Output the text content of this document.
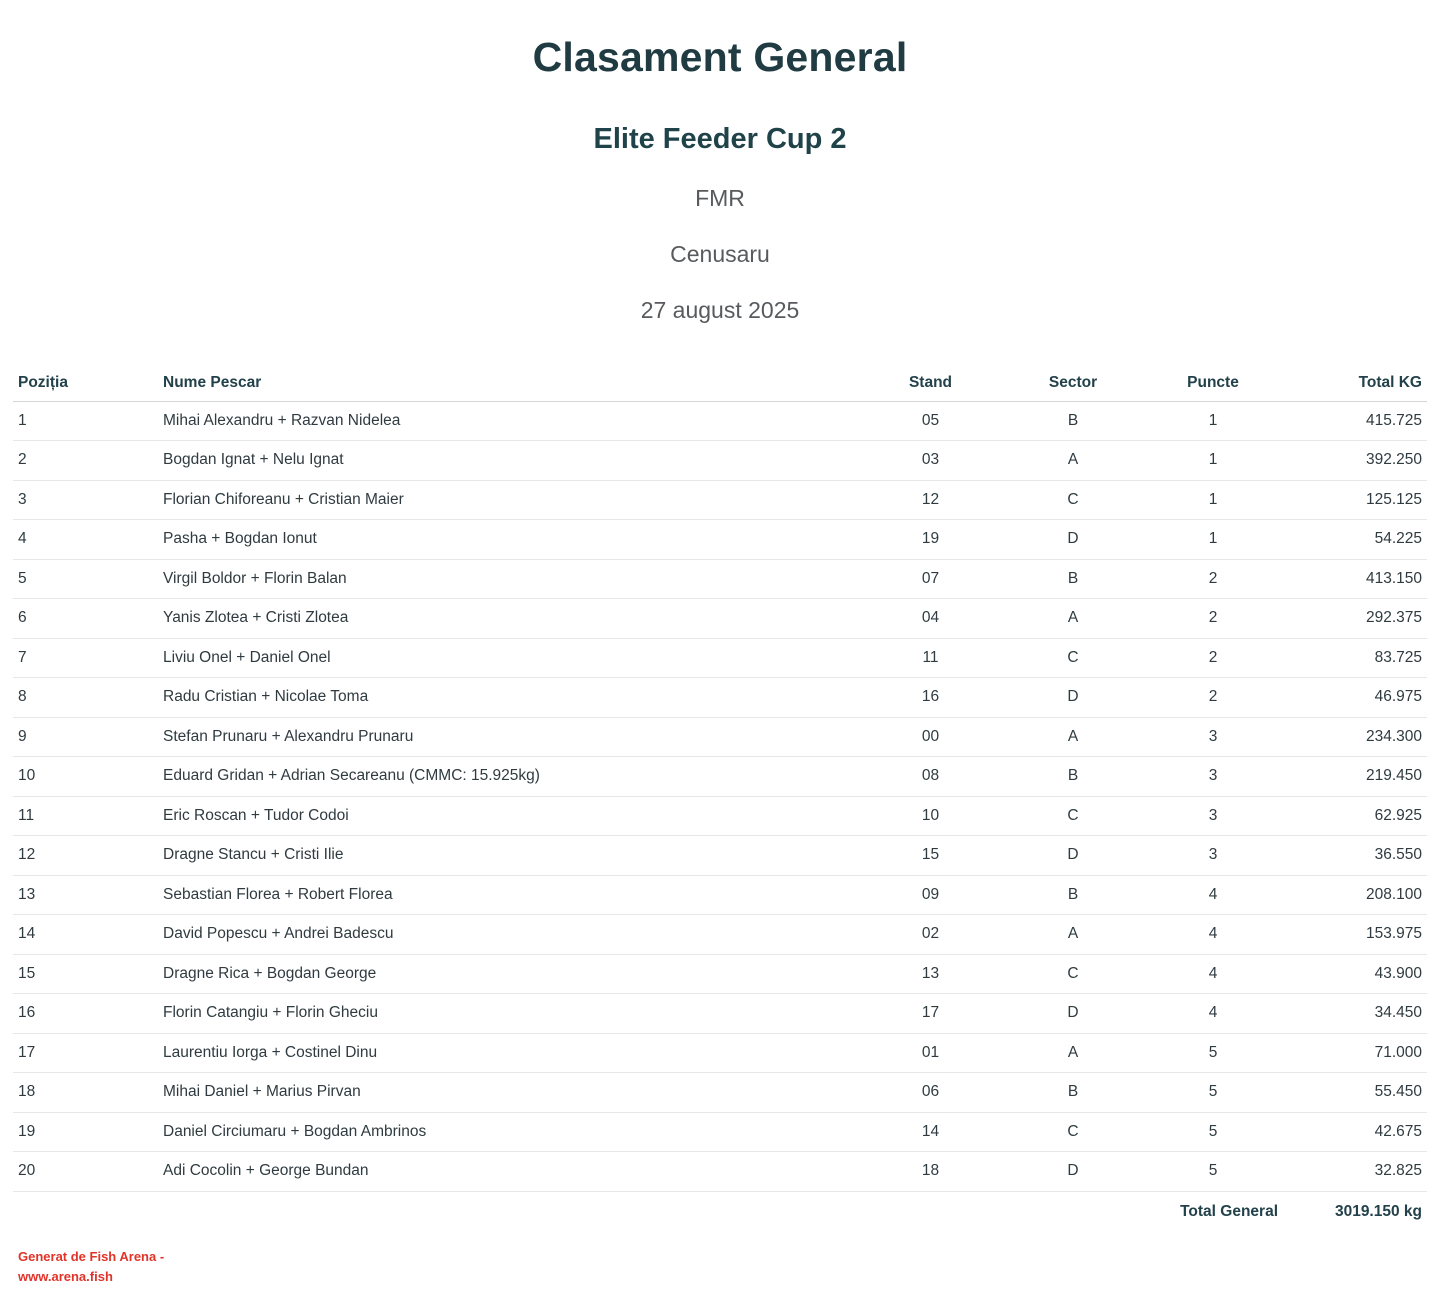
Clasament General
Elite Feeder Cup 2
FMR
Cenusaru
27 august 2025
Poziția	Nume Pescar	Stand	Sector	Puncte	Total KG
1	Mihai Alexandru + Razvan Nidelea	05	B	1	415.725
2	Bogdan Ignat + Nelu Ignat	03	A	1	392.250
3	Florian Chiforeanu + Cristian Maier	12	C	1	125.125
4	Pasha + Bogdan Ionut	19	D	1	54.225
5	Virgil Boldor + Florin Balan	07	B	2	413.150
6	Yanis Zlotea + Cristi Zlotea	04	A	2	292.375
7	Liviu Onel + Daniel Onel	11	C	2	83.725
8	Radu Cristian + Nicolae Toma	16	D	2	46.975
9	Stefan Prunaru + Alexandru Prunaru	00	A	3	234.300
10	Eduard Gridan + Adrian Secareanu (CMMC: 15.925kg)	08	B	3	219.450
11	Eric Roscan + Tudor Codoi	10	C	3	62.925
12	Dragne Stancu + Cristi Ilie	15	D	3	36.550
13	Sebastian Florea + Robert Florea	09	B	4	208.100
14	David Popescu + Andrei Badescu	02	A	4	153.975
15	Dragne Rica + Bogdan George	13	C	4	43.900
16	Florin Catangiu + Florin Gheciu	17	D	4	34.450
17	Laurentiu Iorga + Costinel Dinu	01	A	5	71.000
18	Mihai Daniel + Marius Pirvan	06	B	5	55.450
19	Daniel Circiumaru + Bogdan Ambrinos	14	C	5	42.675
20	Adi Cocolin + George Bundan	18	D	5	32.825
Total General					3019.150 kg
Generat de Fish Arena -
www.arena.fish
